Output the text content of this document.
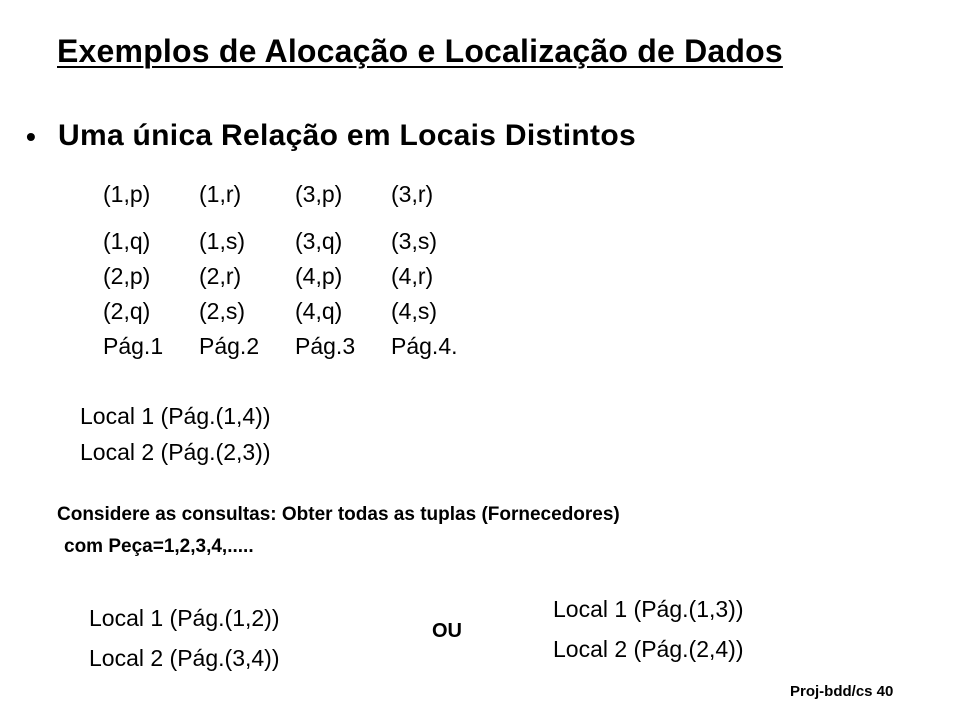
Exemplos de Alocação e Localização de Dados
• Uma única Relação em Locais Distintos
(1,p)	(1,r)	(3,p)	(3,r)
(1,q)	(1,s)	(3,q)	(3,s)
(2,p)	(2,r)	(4,p)	(4,r)
(2,q)	(2,s)	(4,q)	(4,s)
Pág.1	Pág.2	Pág.3	Pág.4.
Local 1 (Pág.(1,4))
Local 2 (Pág.(2,3))
Considere as consultas: Obter todas as tuplas (Fornecedores)
com Peça=1,2,3,4,.....
Local 1 (Pág.(1,2))
Local 2 (Pág.(3,4))
OU
Local 1 (Pág.(1,3))
Local 2 (Pág.(2,4))
Proj-bdd/cs 40
